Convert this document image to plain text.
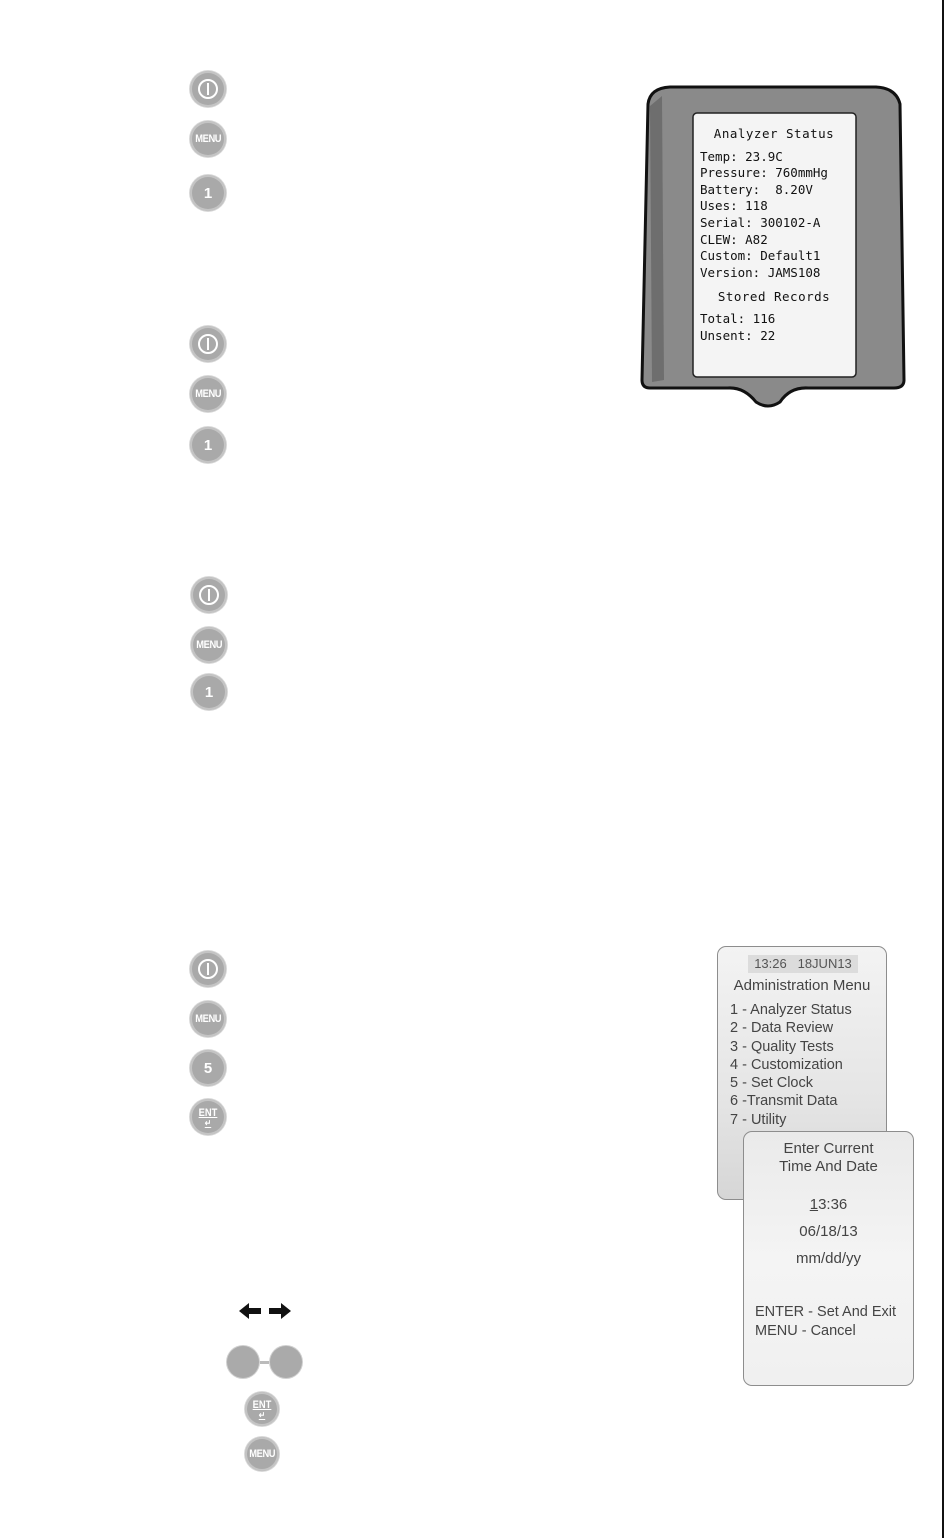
MENU
1
MENU
1
MENU
1
MENU
5
ENT
↵
ENT
↵
MENU
Analyzer Status
Temp: 23.9C
Pressure: 760mmHg
Battery:  8.20V
Uses: 118
Serial: 300102-A
CLEW: A82
Custom: Default1
Version: JAMS108
Stored Records
Total: 116
Unsent: 22
13:26 18JUN13
Administration Menu
1 - Analyzer Status
2 - Data Review
3 - Quality Tests
4 - Customization
5 - Set Clock
6 -Transmit Data
7 - Utility
Enter Current
Time And Date
13:36
06/18/13
mm/dd/yy
ENTER - Set And Exit
MENU - Cancel
